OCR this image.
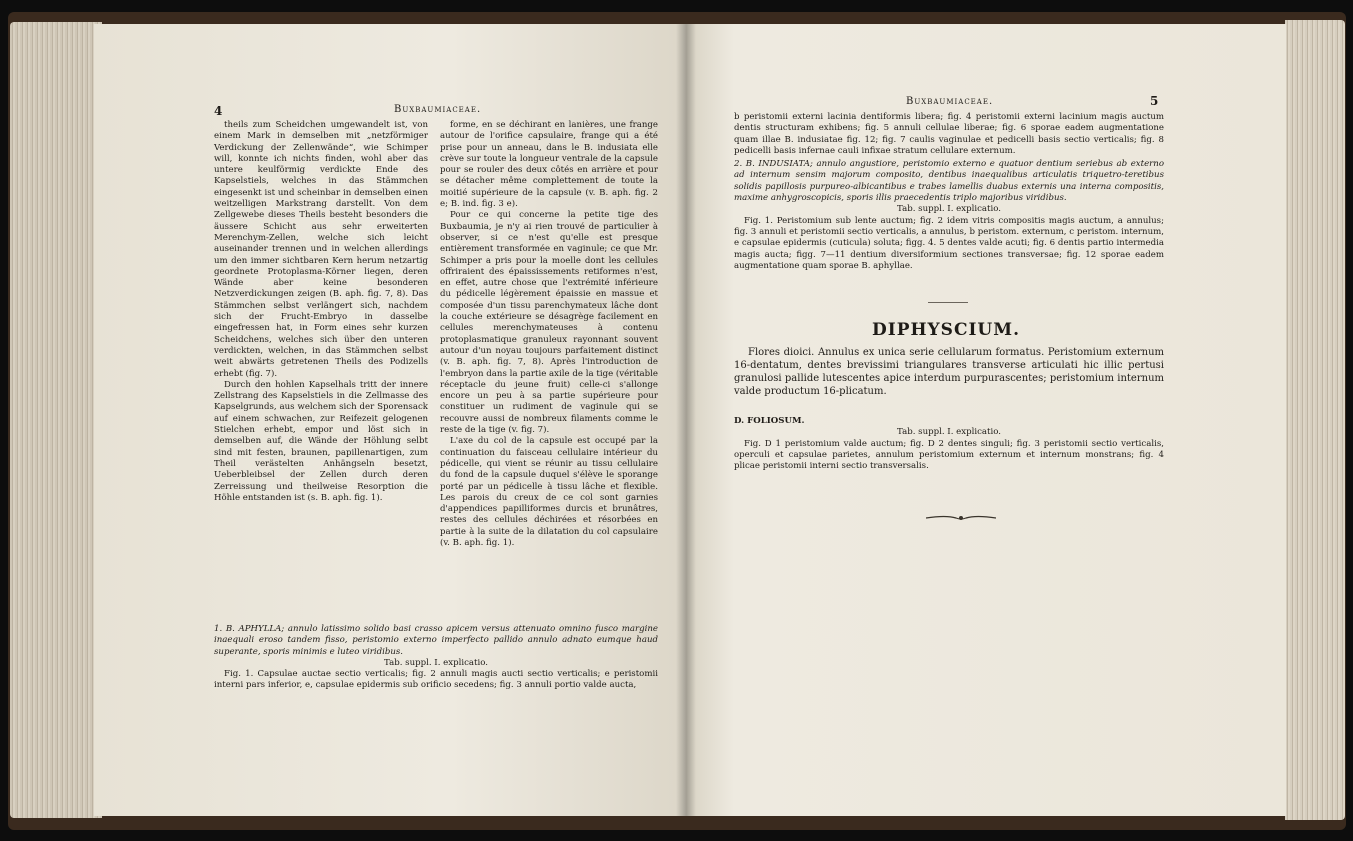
4	Buxbaumiaceae.

theils zum Scheidchen umgewandelt ist, von einem Mark in demselben mit „netzförmiger Verdickung der Zellenwände“, wie Schimper will, konnte ich nichts finden, wohl aber das untere keulförmig verdickte Ende des Kapselstiels, welches in das Stämmchen eingesenkt ist und scheinbar in demselben einen weitzelligen Markstrang darstellt. Von dem Zellgewebe dieses Theils besteht besonders die äussere Schicht aus sehr erweiterten Merenchym-Zellen, welche sich leicht auseinander trennen und in welchen allerdings um den immer sichtbaren Kern herum netzartig geordnete Protoplasma-Körner liegen, deren Wände aber keine besonderen Netzverdickungen zeigen (B. aph. fig. 7, 8). Das Stämmchen selbst verlängert sich, nachdem sich der Frucht-Embryo in dasselbe eingefressen hat, in Form eines sehr kurzen Scheidchens, welches sich über den unteren verdickten, welchen, in das Stämmchen selbst weit abwärts getretenen Theils des Podizells erhebt (fig. 7).

Durch den hohlen Kapselhals tritt der innere Zellstrang des Kapselstiels in die Zellmasse des Kapselgrunds, aus welchem sich der Sporensack auf einem schwachen, zur Reifezeit gelogenen Stielchen erhebt, empor und löst sich in demselben auf, die Wände der Höhlung selbt sind mit festen, braunen, papillenartigen, zum Theil verästelten Anhängseln besetzt, Ueberbleibsel der Zellen durch deren Zerreissung und theilweise Resorption die Höhle entstanden ist (s. B. aph. fig. 1).

forme, en se déchirant en lanières, une frange autour de l'orifice capsulaire, frange qui a été prise pour un anneau, dans le B. indusiata elle crève sur toute la longueur ventrale de la capsule pour se rouler des deux côtés en arrière et pour se détacher même complettement de toute la moitié supérieure de la capsule (v. B. aph. fig. 2 e; B. ind. fig. 3 e).

Pour ce qui concerne la petite tige des Buxbaumia, je n'y ai rien trouvé de particulier à observer, si ce n'est qu'elle est presque entièrement transformée en vaginule; ce que Mr. Schimper a pris pour la moelle dont les cellules offriraient des épaississements retiformes n'est, en effet, autre chose que l'extrémité inférieure du pédicelle légèrement épaissie en massue et composée d'un tissu parenchymateux lâche dont la couche extérieure se désagrège facilement en cellules merenchymateuses à contenu protoplasmatique granuleux rayonnant souvent autour d'un noyau toujours parfaitement distinct (v. B. aph. fig. 7, 8). Après l'introduction de l'embryon dans la partie axile de la tige (véritable réceptacle du jeune fruit) celle-ci s'allonge encore un peu à sa partie supérieure pour constituer un rudiment de vaginule qui se recouvre aussi de nombreux filaments comme le reste de la tige (v. fig. 7).

L'axe du col de la capsule est occupé par la continuation du faisceau cellulaire intérieur du pédicelle, qui vient se réunir au tissu cellulaire du fond de la capsule duquel s'élève le sporange porté par un pédicelle à tissu lâche et flexible. Les parois du creux de ce col sont garnies d'appendices papilliformes durcis et brunâtres, restes des cellules déchirées et résorbées en partie à la suite de la dilatation du col capsulaire (v. B. aph. fig. 1).

1. B. APHYLLA; annulo latissimo solido basi crasso apicem versus attenuato omnino fusco margine inaequali eroso tandem fisso, peristomio externo imperfecto pallido annulo adnato eumque haud superante, sporis minimis e luteo viridibus.

Tab. suppl. I. explicatio.

Fig. 1. Capsulae auctae sectio verticalis; fig. 2 annuli magis aucti sectio verticalis; e peristomii interni pars inferior, e, capsulae epidermis sub orificio secedens; fig. 3 annuli portio valde aucta,

Buxbaumiaceae.	5

b peristomii externi lacinia dentiformis libera; fig. 4 peristomii externi lacinium magis auctum dentis structuram exhibens; fig. 5 annuli cellulae liberae; fig. 6 sporae eadem augmentatione quam illae B. indusiatae fig. 12; fig. 7 caulis vaginulae et pedicelli basis sectio verticalis; fig. 8 pedicelli basis infernae cauli infixae stratum cellulare externum.

2. B. INDUSIATA; annulo angustiore, peristomio externo e quatuor dentium seriebus ab externo ad internum sensim majorum composito, dentibus inaequalibus articulatis triquetro-teretibus solidis papillosis purpureo-albicantibus e trabes lamellis duabus externis una interna compositis, maxime anhygroscopicis, sporis illis praecedentis triplo majoribus viridibus.

Tab. suppl. I. explicatio.

Fig. 1. Peristomium sub lente auctum; fig. 2 idem vitris compositis magis auctum, a annulus; fig. 3 annuli et peristomii sectio verticalis, a annulus, b peristom. externum, c peristom. internum, e capsulae epidermis (cuticula) soluta; figg. 4. 5 dentes valde acuti; fig. 6 dentis partio intermedia magis aucta; figg. 7—11 dentium diversiformium sectiones transversae; fig. 12 sporae eadem augmentatione quam sporae B. aphyllae.

DIPHYSCIUM.

Flores dioici. Annulus ex unica serie cellularum formatus. Peristomium externum 16-dentatum, dentes brevissimi triangulares transverse articulati hic illic pertusi granulosi pallide lutescentes apice interdum purpurascentes; peristomium internum valde productum 16-plicatum.

D. FOLIOSUM.

Tab. suppl. I. explicatio.

Fig. D 1 peristomium valde auctum; fig. D 2 dentes singuli; fig. 3 peristomii sectio verticalis, operculi et capsulae parietes, annulum peristomium externum et internum monstrans; fig. 4 plicae peristomii interni sectio transversalis.
